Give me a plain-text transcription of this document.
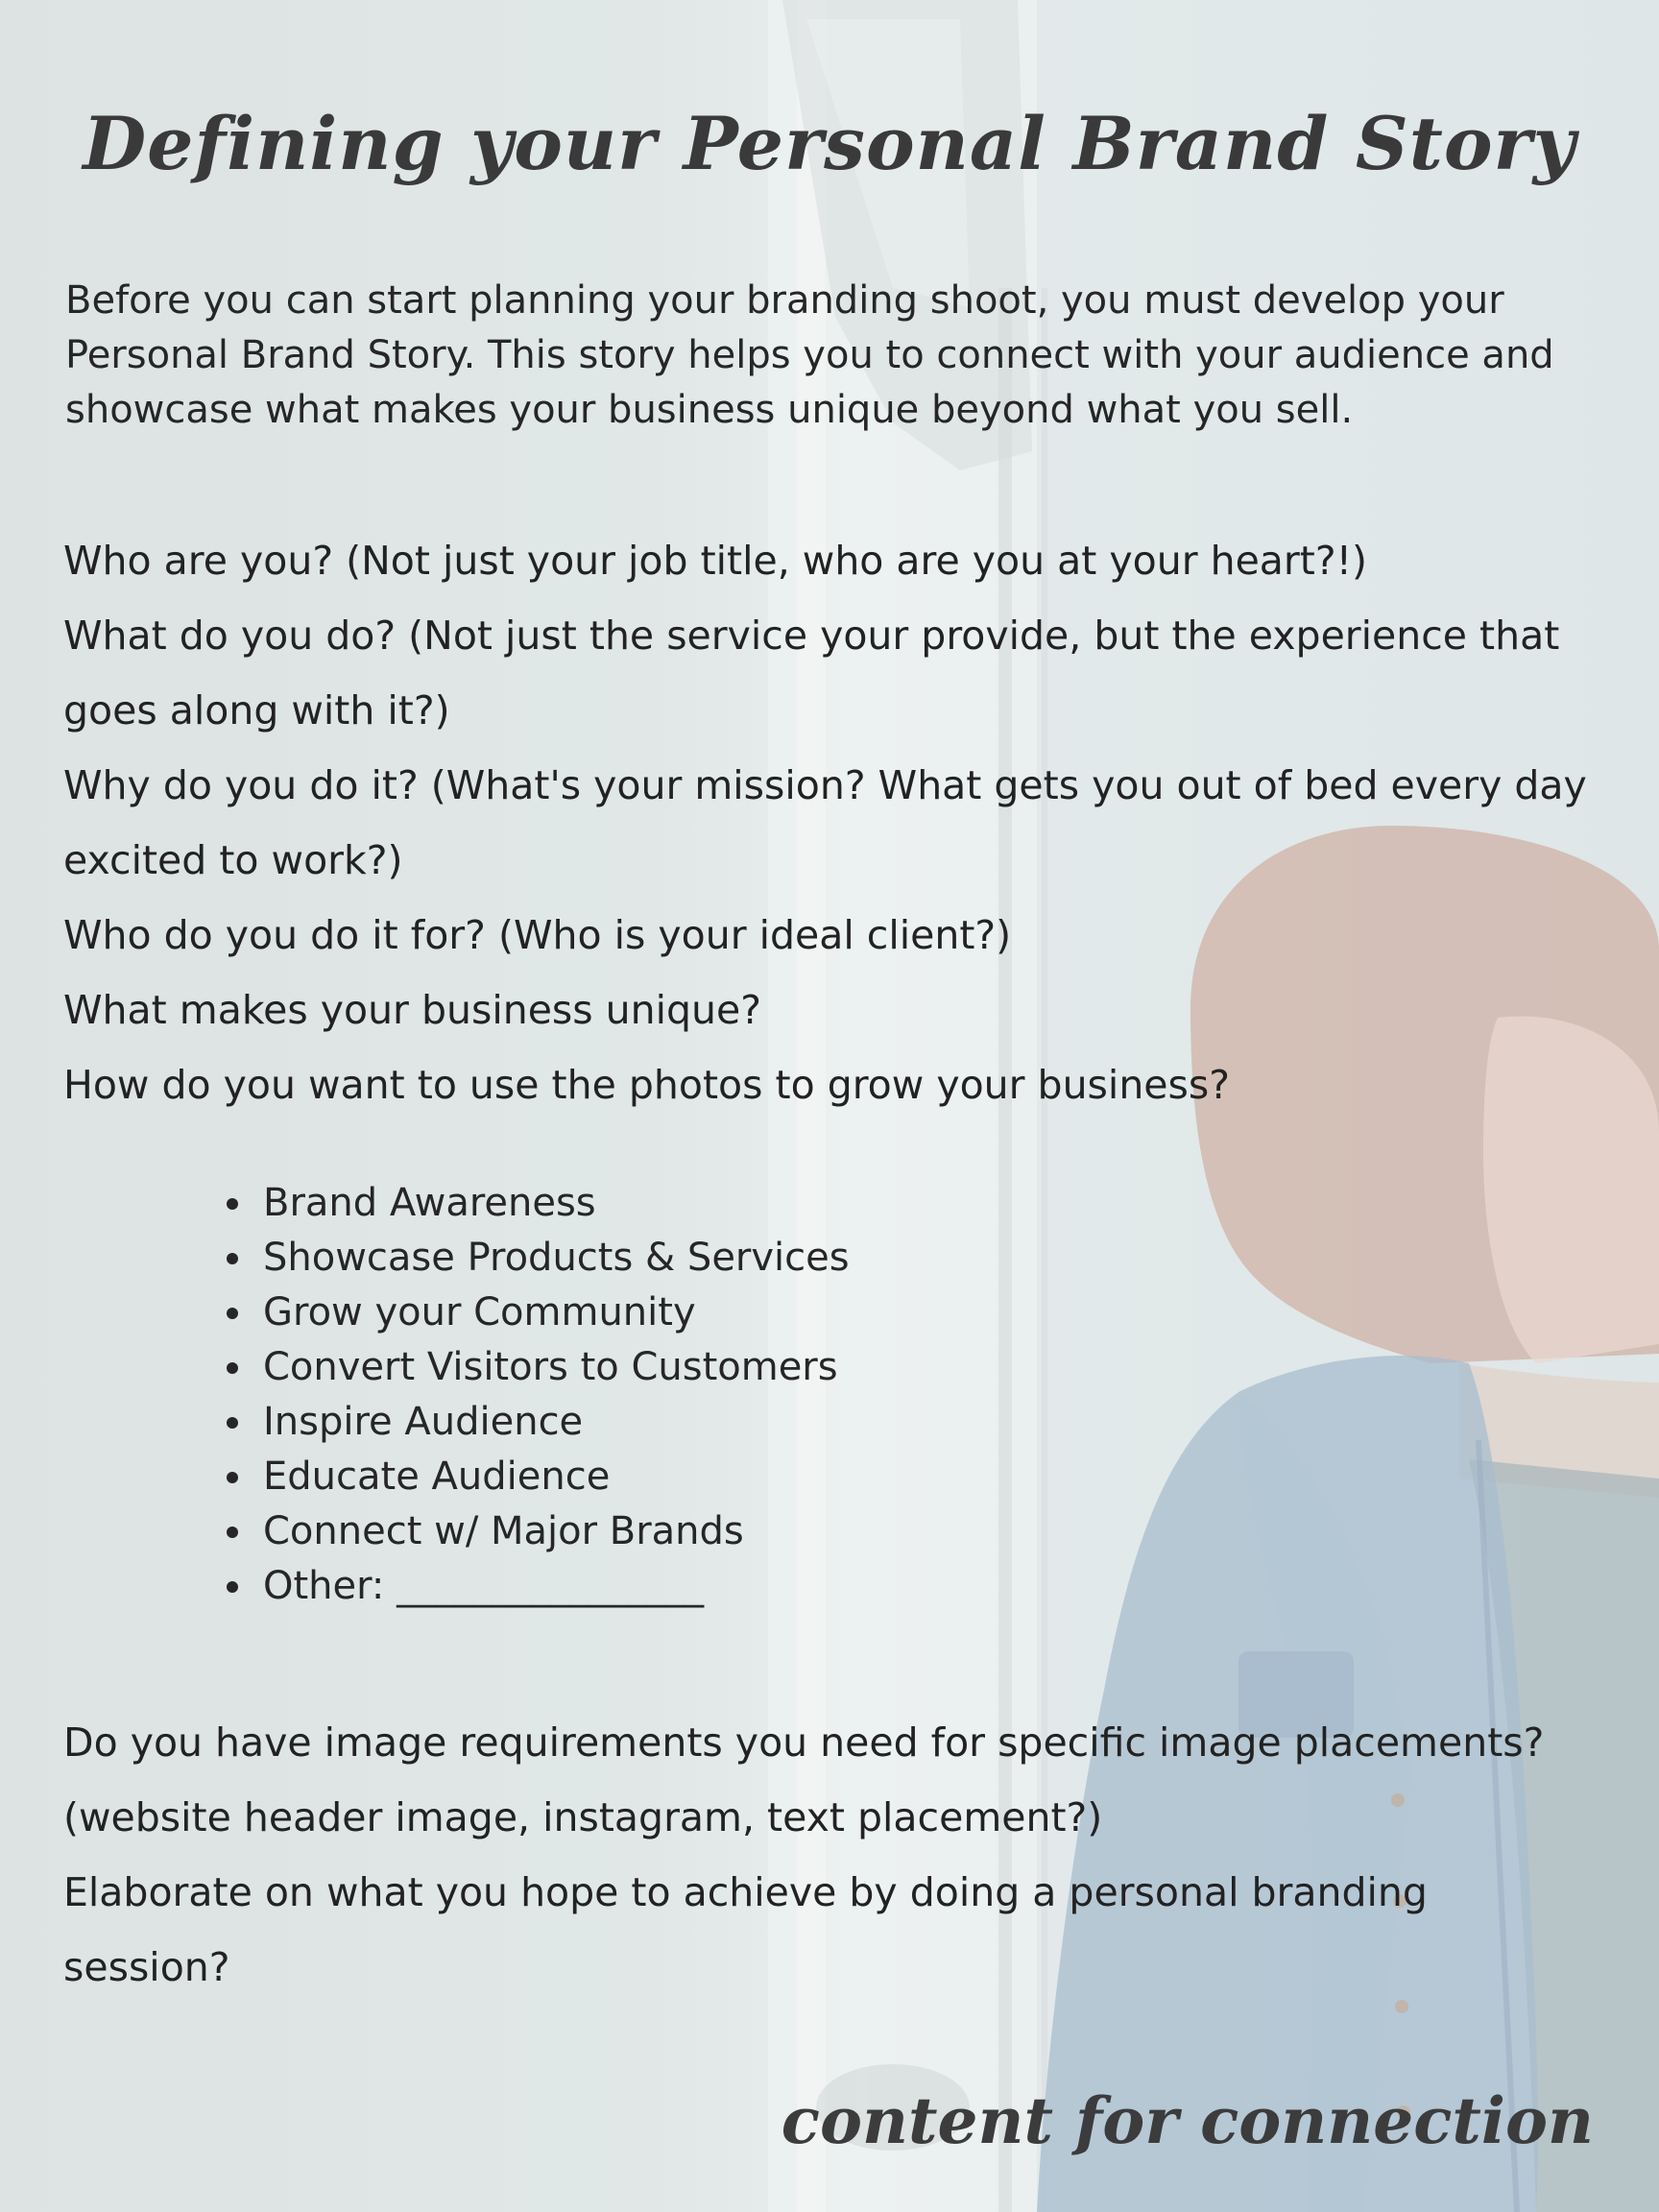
Defining your Personal Brand Story

Before you can start planning your branding shoot, you must develop your Personal Brand Story. This story helps you to connect with your audience and showcase what makes your business unique beyond what you sell.

Who are you? (Not just your job title, who are you at your heart?!)
What do you do? (Not just the service your provide, but the experience that goes along with it?)
Why do you do it? (What's your mission? What gets you out of bed every day excited to work?)
Who do you do it for? (Who is your ideal client?)
What makes your business unique?
How do you want to use the photos to grow your business?
Brand Awareness
Showcase Products & Services
Grow your Community
Convert Visitors to Customers
Inspire Audience
Educate Audience
Connect w/ Major Brands
Other: ________________
Do you have image requirements you need for specific image placements? (website header image, instagram, text placement?)
Elaborate on what you hope to achieve by doing a personal branding session?

content for connection
